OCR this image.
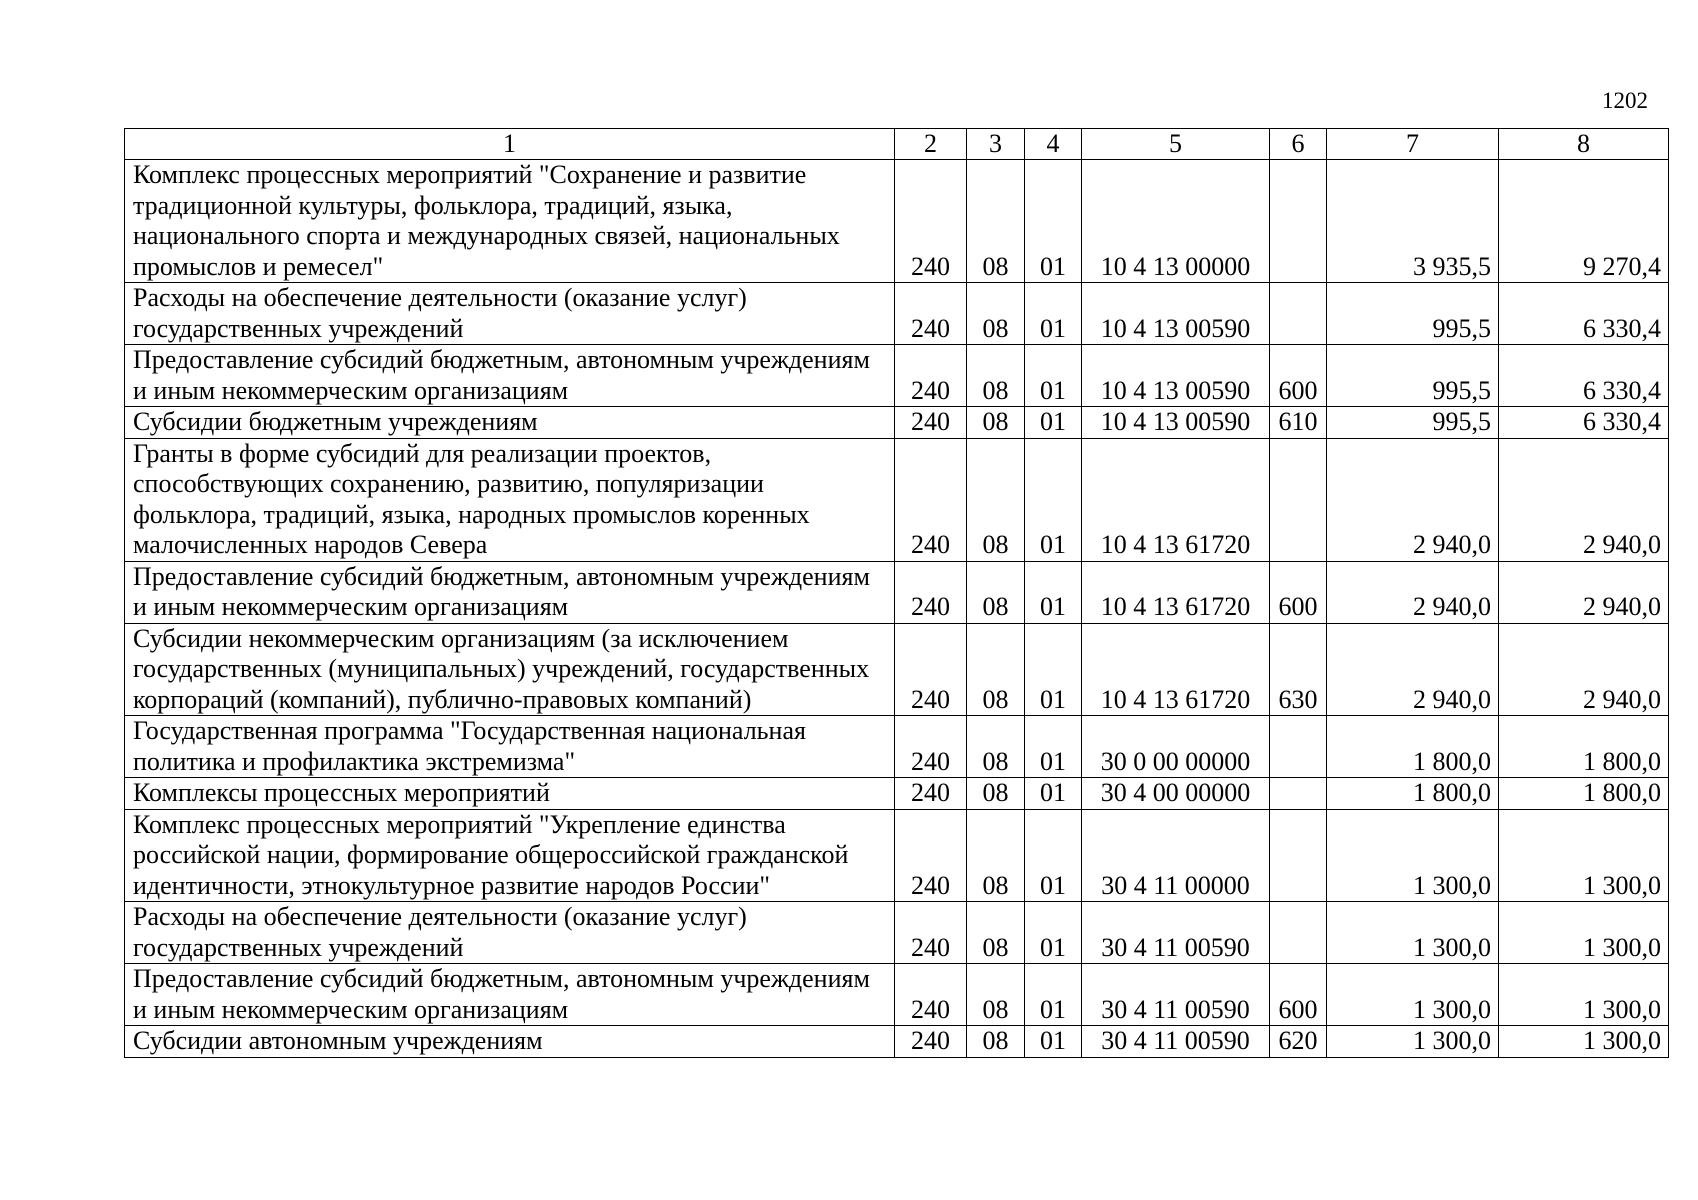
1202
1	2	3	4	5	6	7	8
Комплекс процессных мероприятий "Сохранение и развитие традиционной культуры, фольклора, традиций, языка, национального спорта и международных связей, национальных промыслов и ремесел"	240	08	01	10 4 13 00000		3 935,5	9 270,4
Расходы на обеспечение деятельности (оказание услуг) государственных учреждений	240	08	01	10 4 13 00590		995,5	6 330,4
Предоставление субсидий бюджетным, автономным учреждениям и иным некоммерческим организациям	240	08	01	10 4 13 00590	600	995,5	6 330,4
Субсидии бюджетным учреждениям	240	08	01	10 4 13 00590	610	995,5	6 330,4
Гранты в форме субсидий для реализации проектов, способствующих сохранению, развитию, популяризации фольклора, традиций, языка, народных промыслов коренных малочисленных народов Севера	240	08	01	10 4 13 61720		2 940,0	2 940,0
Предоставление субсидий бюджетным, автономным учреждениям и иным некоммерческим организациям	240	08	01	10 4 13 61720	600	2 940,0	2 940,0
Субсидии некоммерческим организациям (за исключением государственных (муниципальных) учреждений, государственных корпораций (компаний), публично-правовых компаний)	240	08	01	10 4 13 61720	630	2 940,0	2 940,0
Государственная программа "Государственная национальная политика и профилактика экстремизма"	240	08	01	30 0 00 00000		1 800,0	1 800,0
Комплексы процессных мероприятий	240	08	01	30 4 00 00000		1 800,0	1 800,0
Комплекс процессных мероприятий "Укрепление единства российской нации, формирование общероссийской гражданской идентичности, этнокультурное развитие народов России"	240	08	01	30 4 11 00000		1 300,0	1 300,0
Расходы на обеспечение деятельности (оказание услуг) государственных учреждений	240	08	01	30 4 11 00590		1 300,0	1 300,0
Предоставление субсидий бюджетным, автономным учреждениям и иным некоммерческим организациям	240	08	01	30 4 11 00590	600	1 300,0	1 300,0
Субсидии автономным учреждениям	240	08	01	30 4 11 00590	620	1 300,0	1 300,0
